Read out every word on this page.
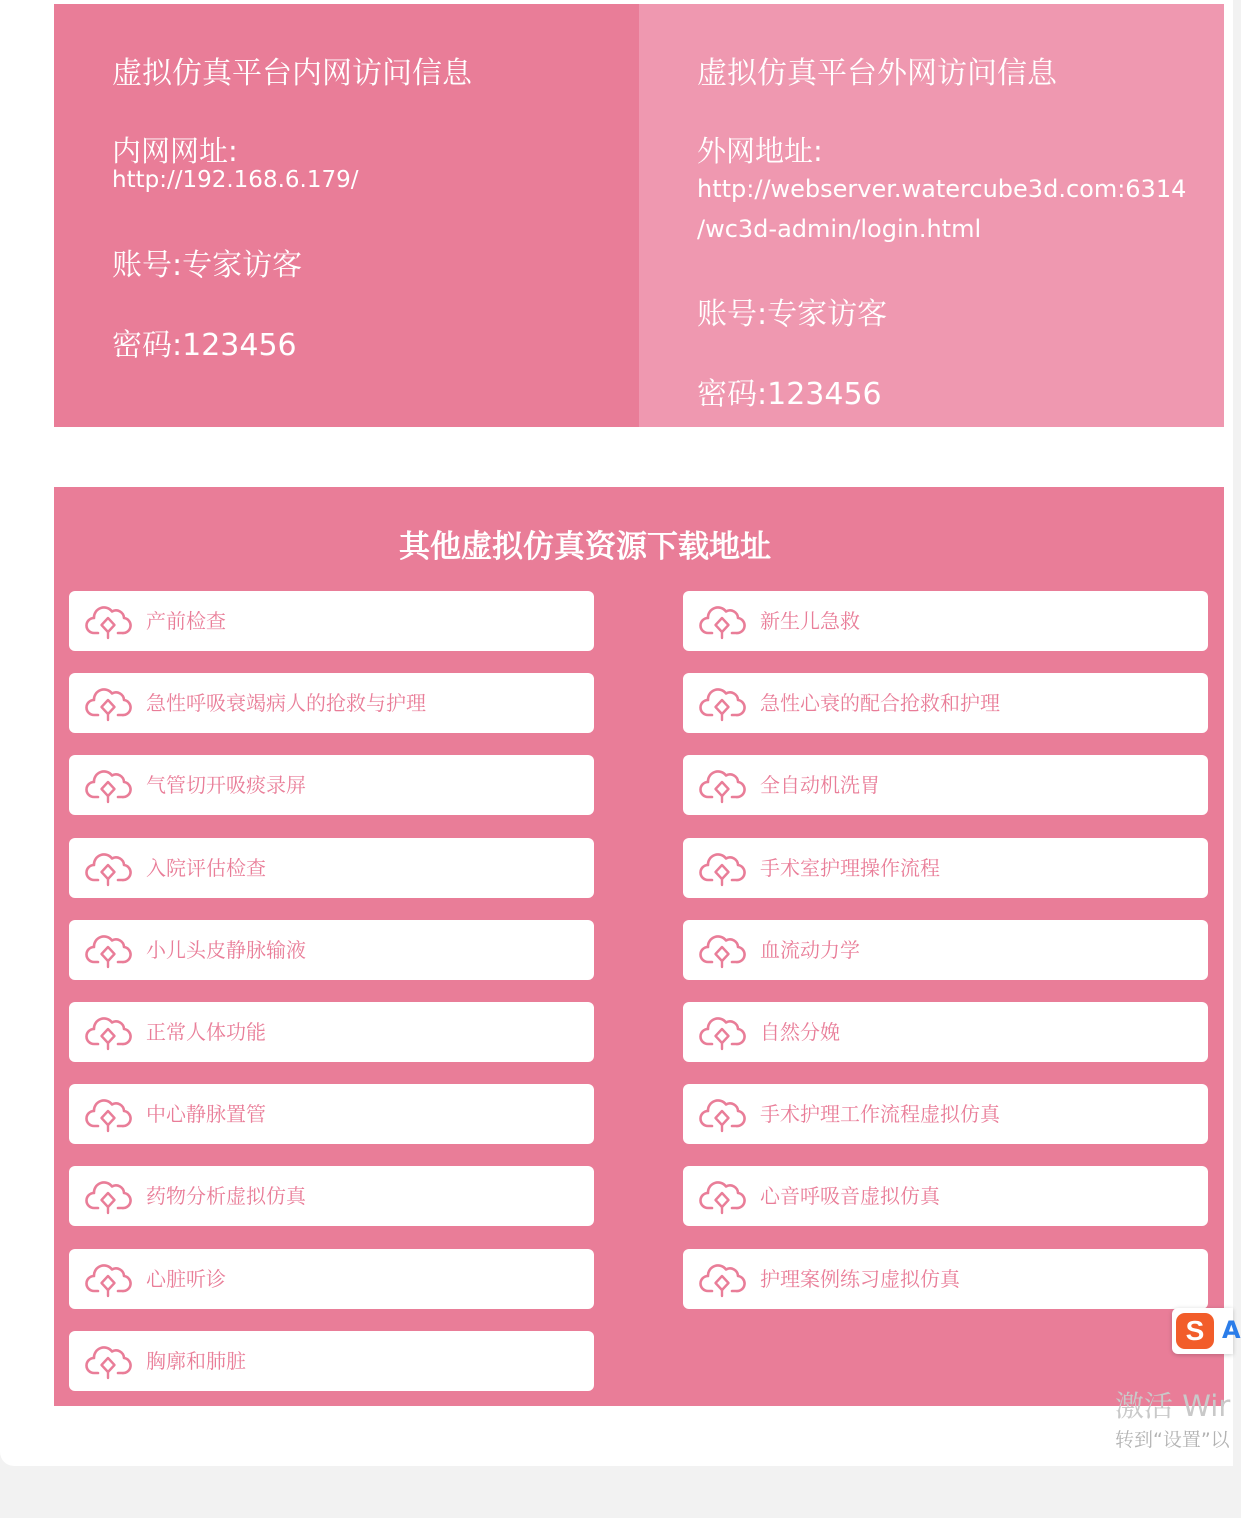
虚拟仿真平台内网访问信息
内网网址:
http://192.168.6.179/
账号:专家访客
密码:123456
虚拟仿真平台外网访问信息
外网地址:
http://webserver.watercube3d.com:6314
/wc3d-admin/login.html
账号:专家访客
密码:123456
其他虚拟仿真资源下载地址
产前检查	新生儿急救
急性呼吸衰竭病人的抢救与护理	急性心衰的配合抢救和护理
气管切开吸痰录屏	全自动机洗胃
入院评估检查	手术室护理操作流程
小儿头皮静脉输液	血流动力学
正常人体功能	自然分娩
中心静脉置管	手术护理工作流程虚拟仿真
药物分析虚拟仿真	心音呼吸音虚拟仿真
心脏听诊	护理案例练习虚拟仿真
胸廓和肺脏
S A
激活 Wir
转到“设置”以
